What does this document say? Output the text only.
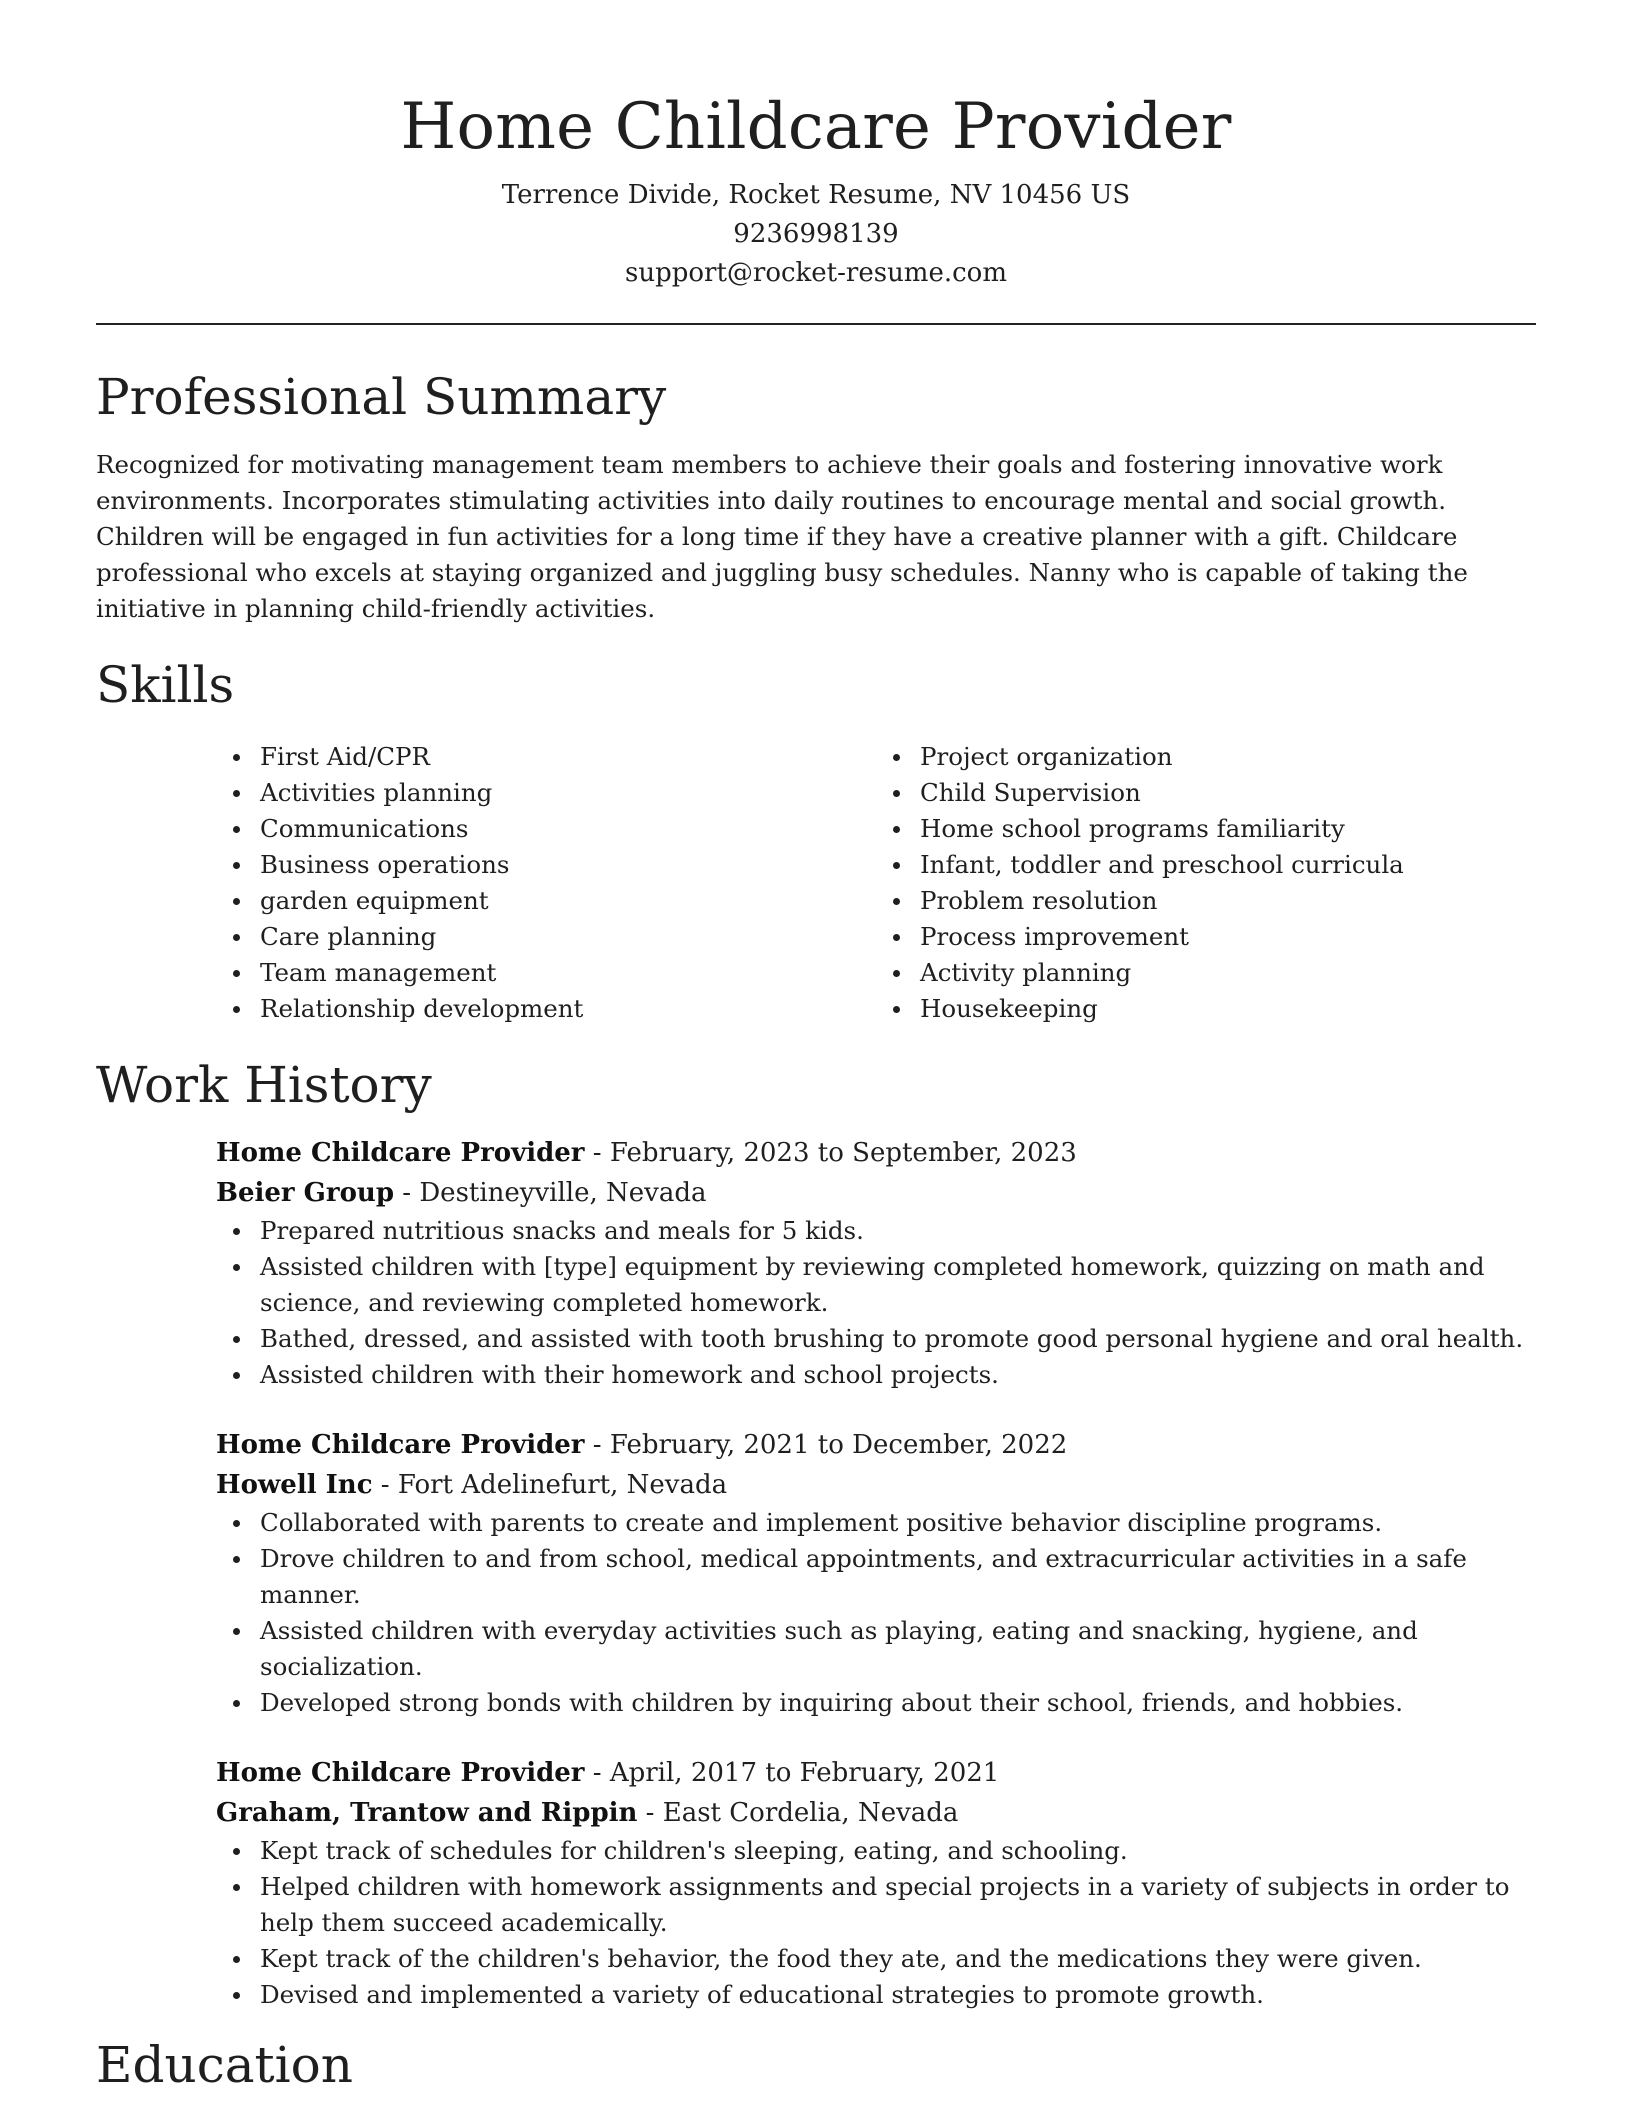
Home Childcare Provider

Terrence Divide, Rocket Resume, NV 10456 US

9236998139

support@rocket-resume.com

Professional Summary

Recognized for motivating management team members to achieve their goals and fostering innovative work environments. Incorporates stimulating activities into daily routines to encourage mental and social growth. Children will be engaged in fun activities for a long time if they have a creative planner with a gift. Childcare professional who excels at staying organized and juggling busy schedules. Nanny who is capable of taking the initiative in planning child-friendly activities.

Skills
First Aid/CPR
Activities planning
Communications
Business operations
garden equipment
Care planning
Team management
Relationship development
Project organization
Child Supervision
Home school programs familiarity
Infant, toddler and preschool curricula
Problem resolution
Process improvement
Activity planning
Housekeeping
Work History

Home Childcare Provider - February, 2023 to September, 2023

Beier Group - Destineyville, Nevada

Prepared nutritious snacks and meals for 5 kids.
Assisted children with [type] equipment by reviewing completed homework, quizzing on math and science, and reviewing completed homework.
Bathed, dressed, and assisted with tooth brushing to promote good personal hygiene and oral health.
Assisted children with their homework and school projects.

Home Childcare Provider - February, 2021 to December, 2022

Howell Inc - Fort Adelinefurt, Nevada

Collaborated with parents to create and implement positive behavior discipline programs.
Drove children to and from school, medical appointments, and extracurricular activities in a safe manner.
Assisted children with everyday activities such as playing, eating and snacking, hygiene, and socialization.
Developed strong bonds with children by inquiring about their school, friends, and hobbies.

Home Childcare Provider - April, 2017 to February, 2021

Graham, Trantow and Rippin - East Cordelia, Nevada

Kept track of schedules for children's sleeping, eating, and schooling.
Helped children with homework assignments and special projects in a variety of subjects in order to help them succeed academically.
Kept track of the children's behavior, the food they ate, and the medications they were given.
Devised and implemented a variety of educational strategies to promote growth.
Education
